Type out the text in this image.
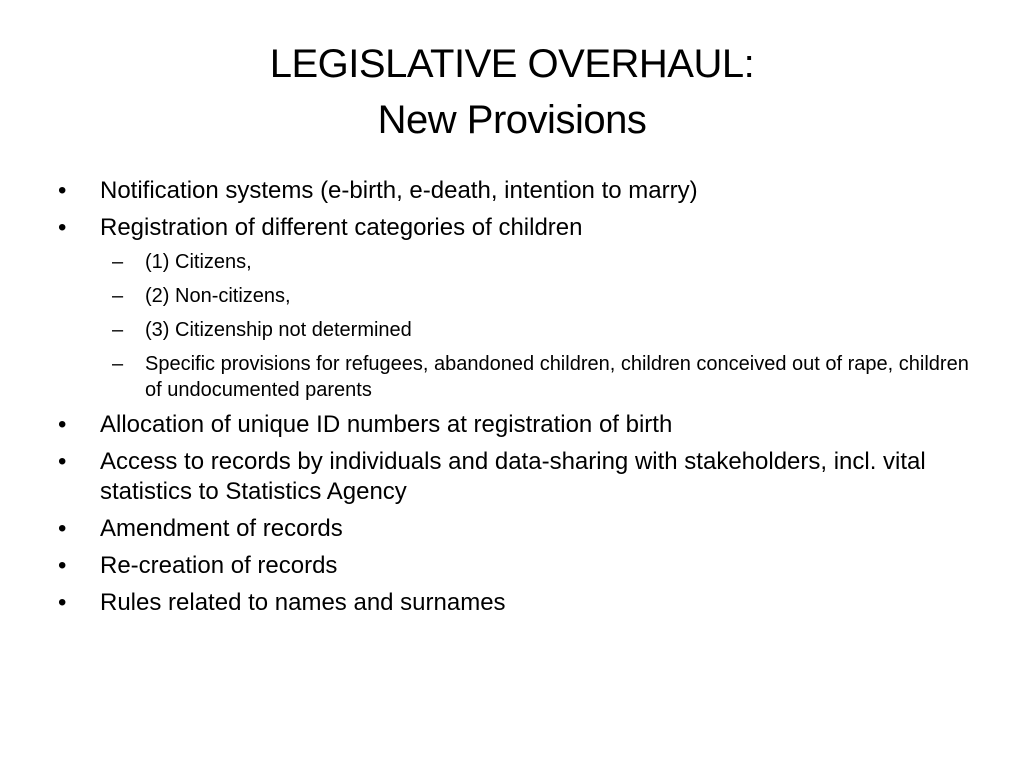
LEGISLATIVE OVERHAUL:
New Provisions
•	Notification systems (e-birth, e-death, intention to marry)
•	Registration of different categories of children
– (1) Citizens,
– (2) Non-citizens,
– (3) Citizenship not determined
– Specific provisions for refugees, abandoned children, children conceived out of rape, children of undocumented parents
•	Allocation of unique ID numbers at registration of birth
•	Access to records by individuals and data-sharing with stakeholders, incl. vital statistics to Statistics Agency
•	Amendment of records
•	Re-creation of records
•	Rules related to names and surnames
